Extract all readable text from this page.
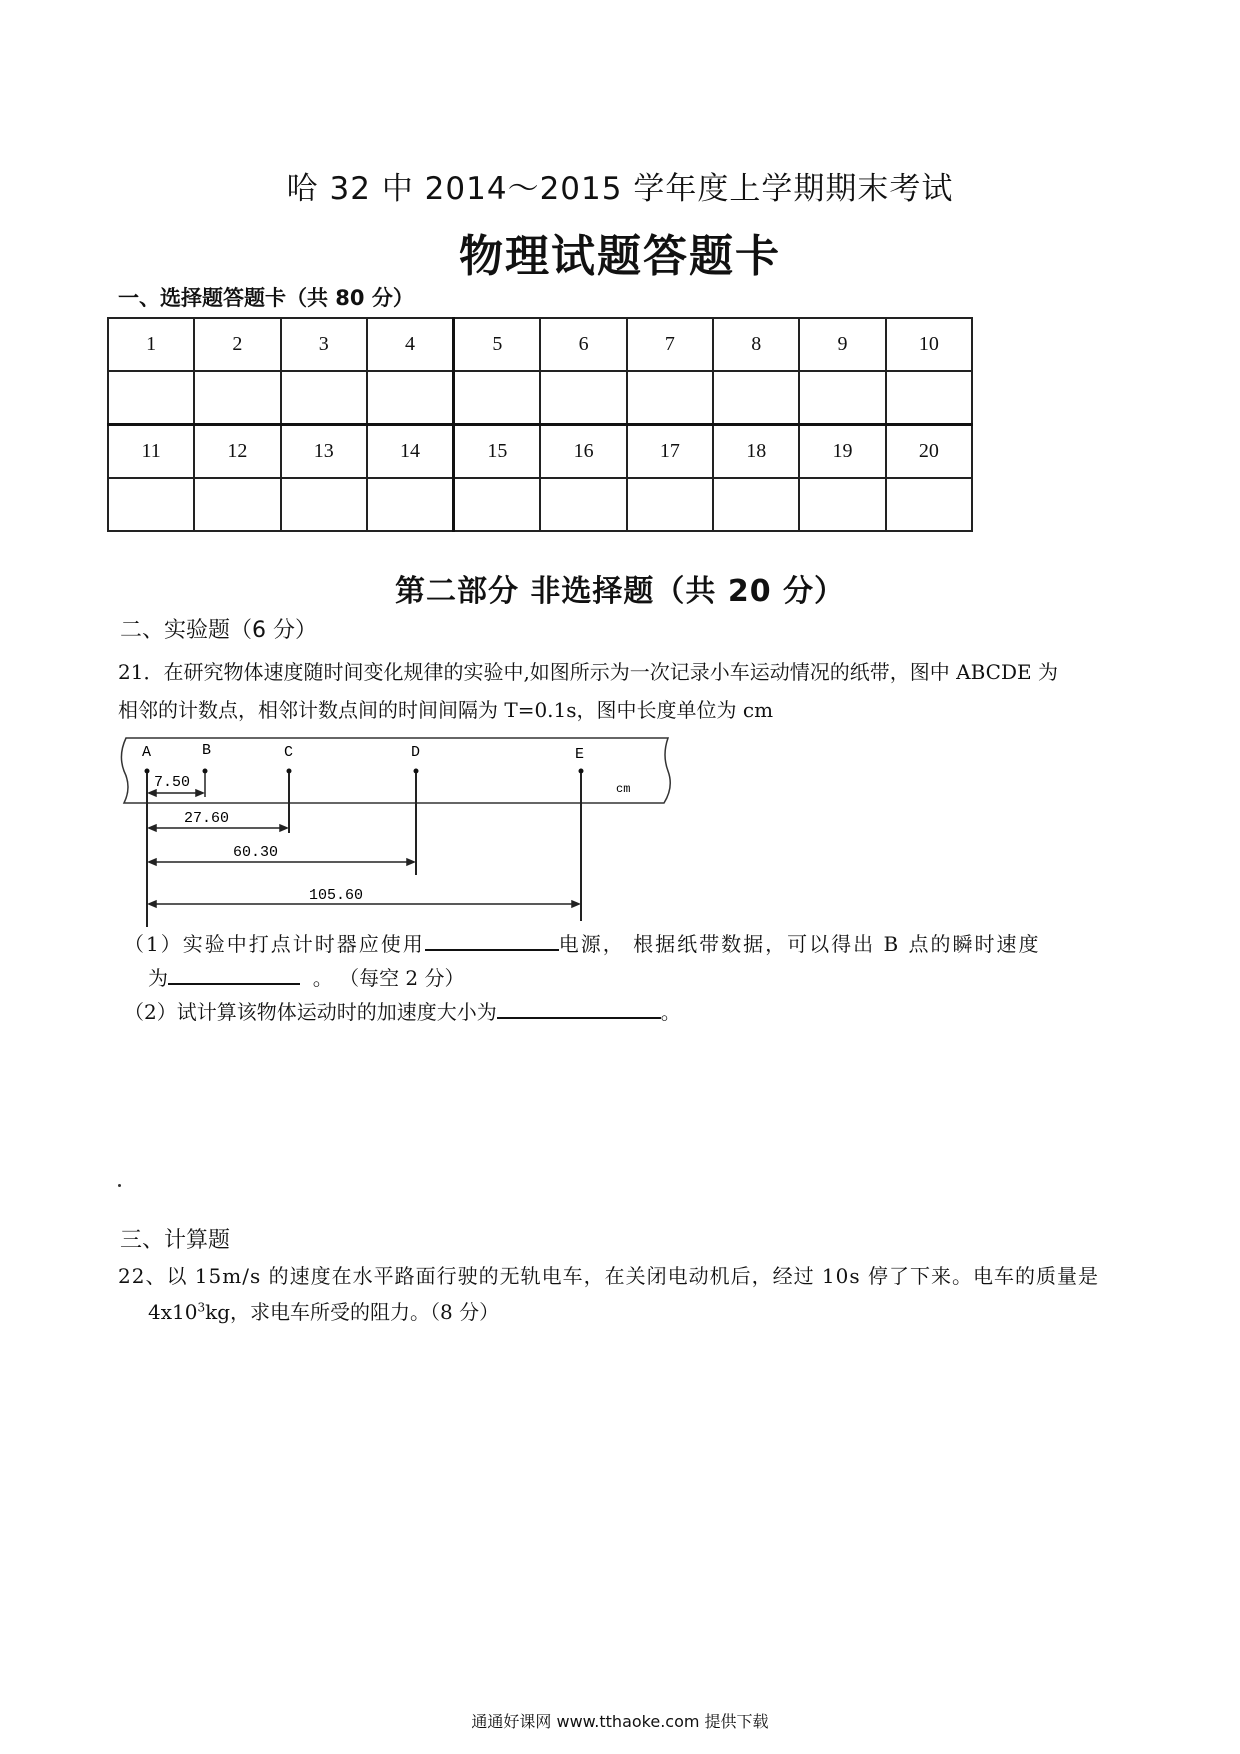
哈 32 中 2014～2015 学年度上学期期末考试
物理试题答题卡
一、选择题答题卡（共 80 分）
1	2	3	4	5	6	7	8	9	10

11	12	13	14	15	16	17	18	19	20

第二部分 非选择题（共 20 分）
二、实验题（6 分）
21．在研究物体速度随时间变化规律的实验中,如图所示为一次记录小车运动情况的纸带，图中 ABCDE 为
相邻的计数点，相邻计数点间的时间间隔为 T=0.1s，图中长度单位为 cm
A	B	C	D	E
cm
7.50
27.60
60.30
105.60
（1）实验中打点计时器应使用	电源， 根据纸带数据，可以得出 B 点的瞬时速度
为	。 （每空 2 分）
（2）试计算该物体运动时的加速度大小为	。
三、计算题
22、以 15m/s 的速度在水平路面行驶的无轨电车，在关闭电动机后，经过 10s 停了下来。电车的质量是
$4x10^3kg$，求电车所受的阻力。（8 分）
通通好课网 www.tthaoke.com 提供下载
